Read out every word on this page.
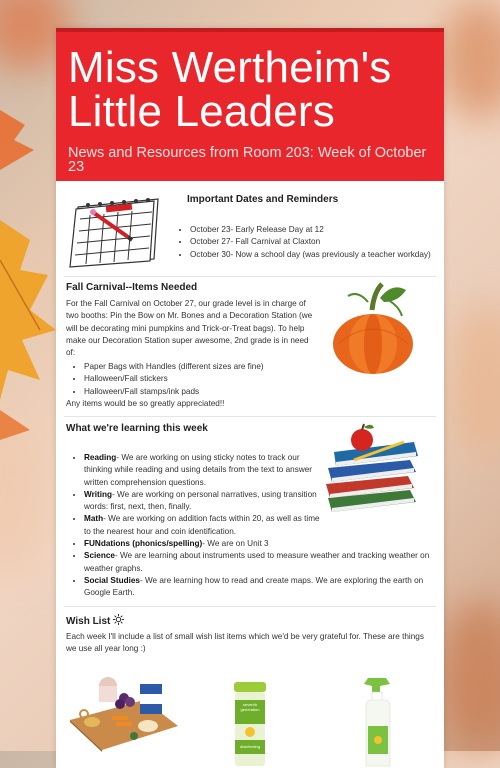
Miss Wertheim's Little Leaders
News and Resources from Room 203: Week of October 23
Important Dates and Reminders
• October 23- Early Release Day at 12
• October 27- Fall Carnival at Claxton
• October 30- Now a school day (was previously a teacher workday)
Fall Carnival--Items Needed
For the Fall Carnival on October 27, our grade level is in charge of two booths: Pin the Bow on Mr. Bones and a Decoration Station (we will be decorating mini pumpkins and Trick-or-Treat bags). To help make our Decoration Station super awesome, 2nd grade is in need of:
• Paper Bags with Handles (different sizes are fine)
• Halloween/Fall stickers
• Halloween/Fall stamps/ink pads
Any items would be so greatly appreciated!!
What we're learning this week
• Reading- We are working on using sticky notes to track our thinking while reading and using details from the text to answer written comprehension questions.
• Writing- We are working on personal narratives, using transition words: first, next, then, finally.
• Math- We are working on addition facts within 20, as well as time to the nearest hour and coin identification.
• FUNdations (phonics/spelling)- We are on Unit 3
• Science- We are learning about instruments used to measure weather and tracking weather on weather graphs.
• Social Studies- We are learning how to read and create maps. We are exploring the earth on Google Earth.
Wish List
Each week I'll include a list of small wish list items which we'd be very grateful for. These are things we use all year long :)
seventh generation
disinfecting
